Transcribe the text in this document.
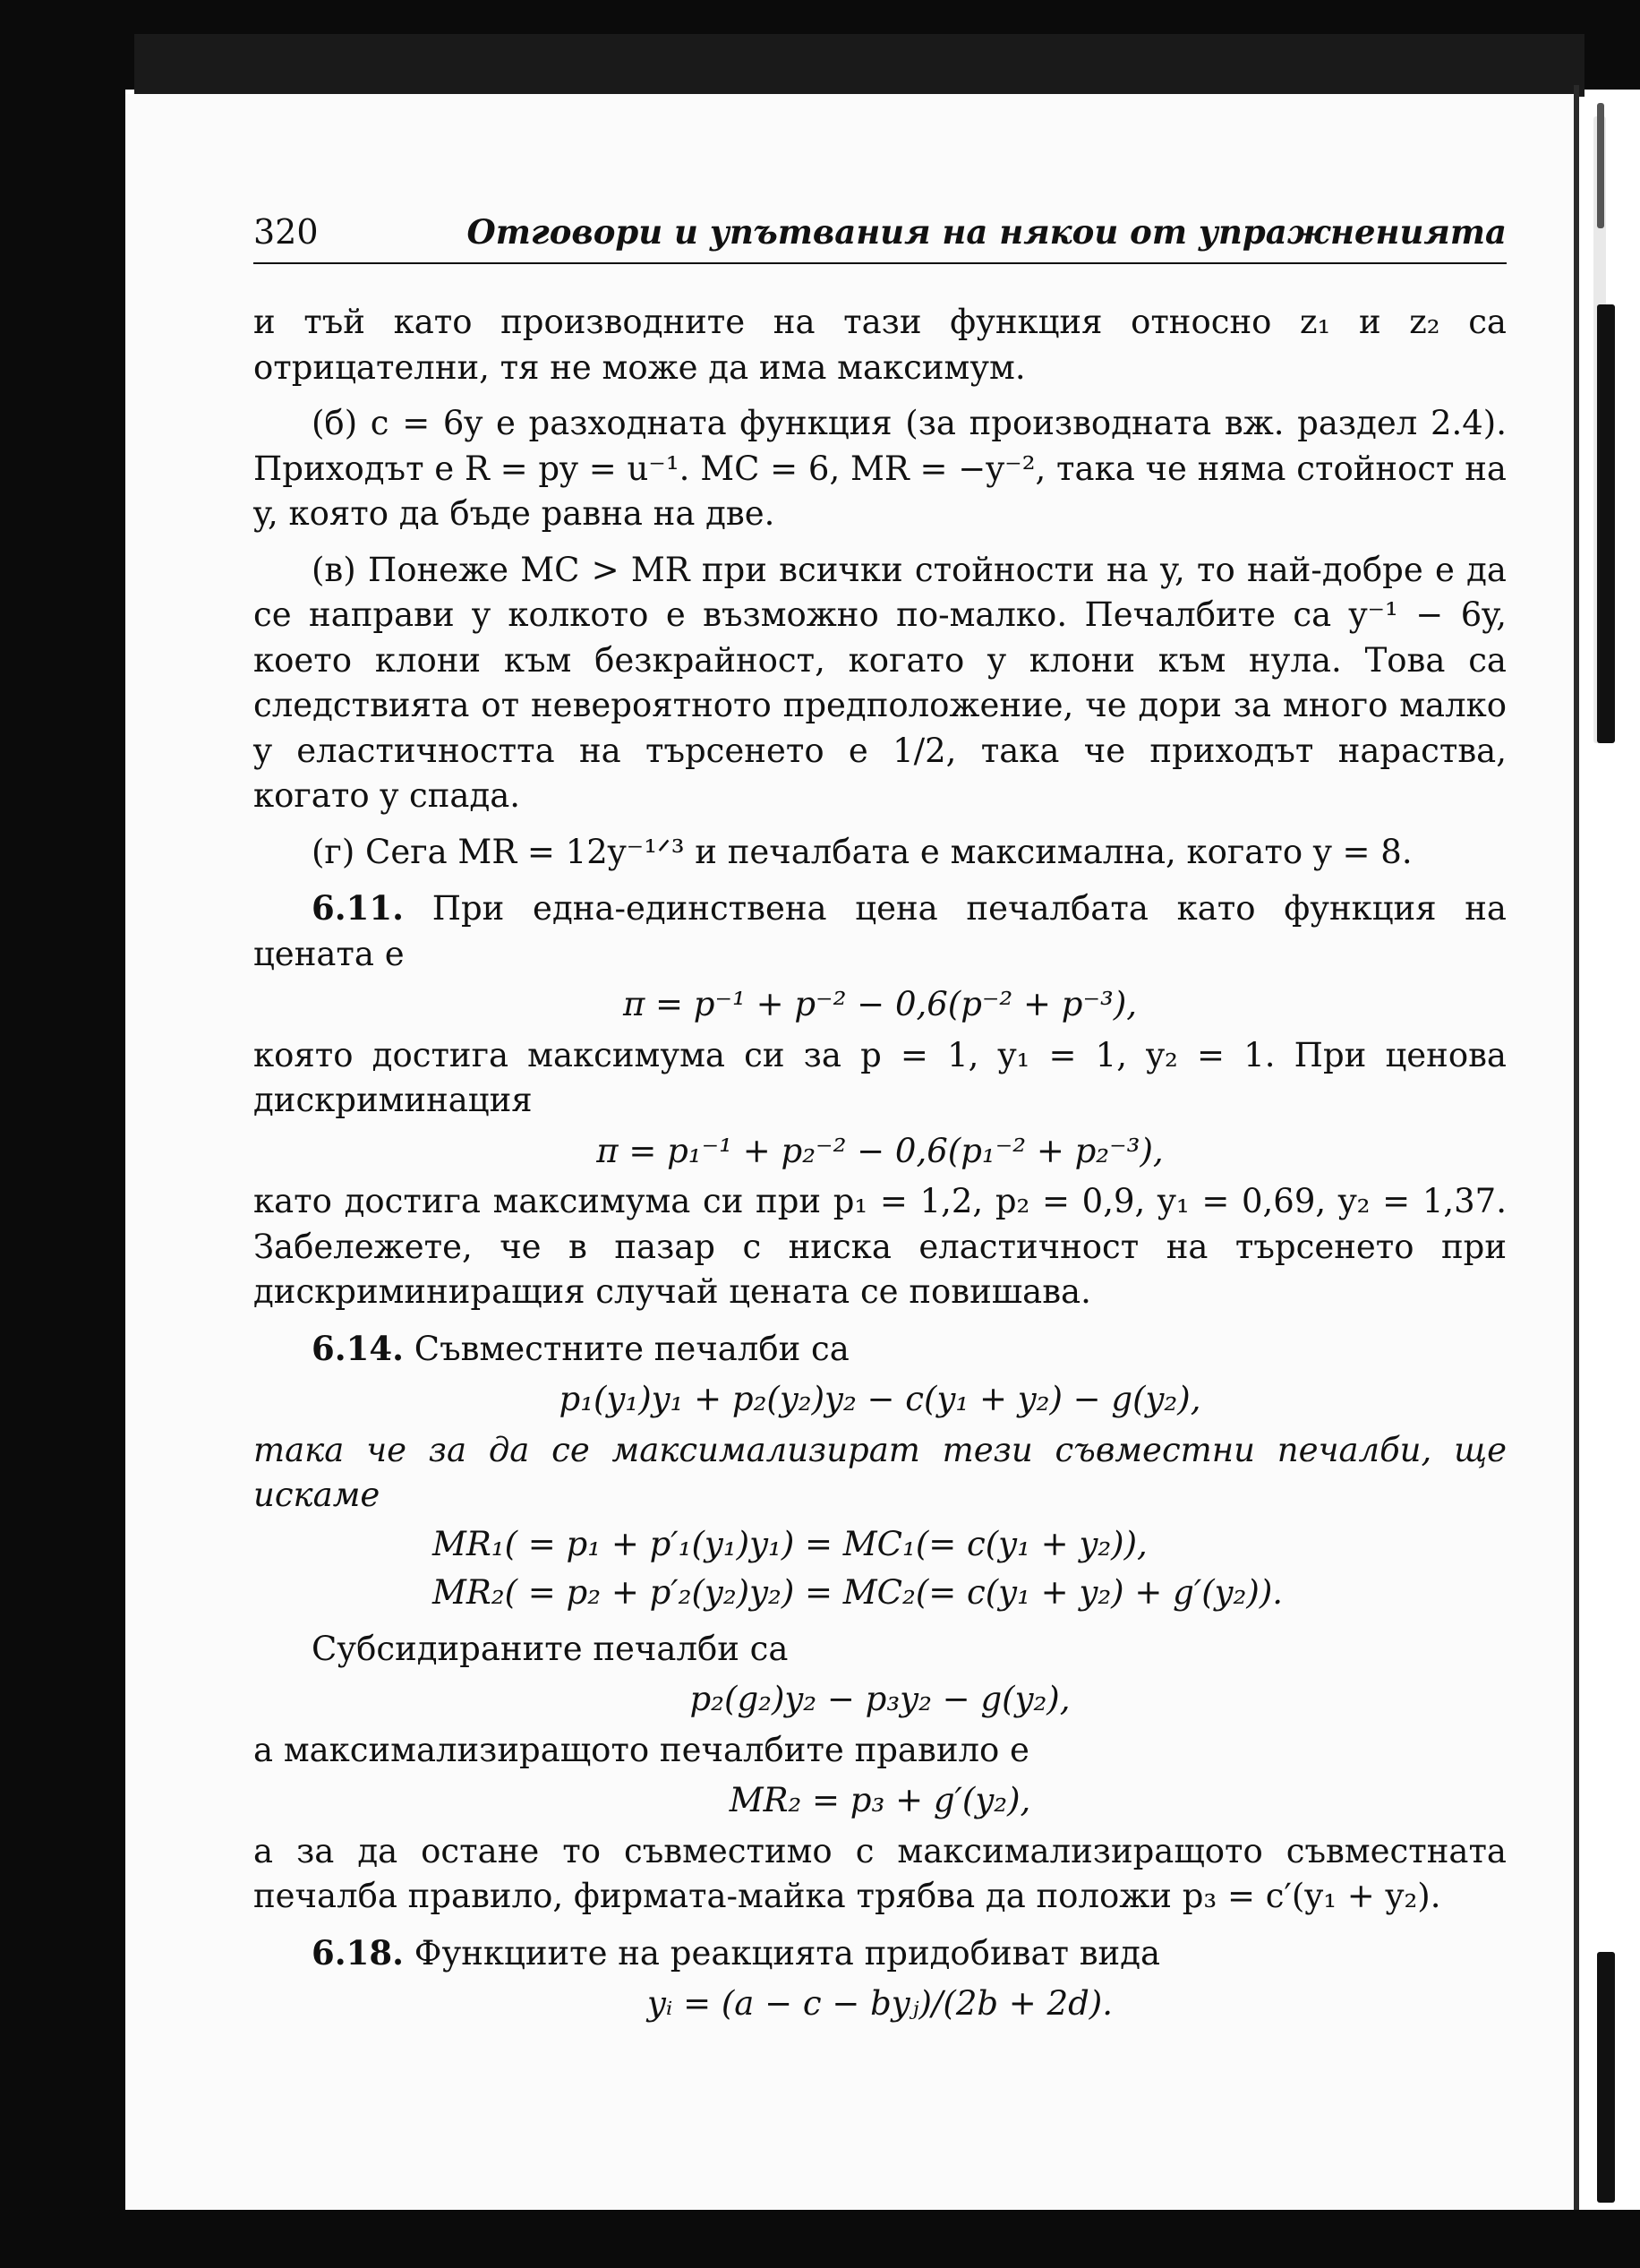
320	Отговори и упътвания на някои от упражненията

и тъй като производните на тази функция относно z₁ и z₂ са отрицателни, тя не може да има максимум.

(б) c = 6y е разходната функция (за производната вж. раздел 2.4). Приходът е R = py = u⁻¹. MC = 6, MR = −y⁻², така че няма стойност на y, която да бъде равна на две.

(в) Понеже MC > MR при всички стойности на y, то най-добре е да се направи y колкото е възможно по-малко. Печалбите са y⁻¹ − 6y, което клони към безкрайност, когато y клони към нула. Това са следствията от невероятното предположение, че дори за много малко y еластичността на търсенето е 1/2, така че приходът нараства, когато y спада.

(г) Сега MR = 12y⁻¹ᐟ³ и печалбата е максимална, когато y = 8.

6.11. При една-единствена цена печалбата като функция на цената е

π = p⁻¹ + p⁻² − 0,6(p⁻² + p⁻³),

която достига максимума си за p = 1, y₁ = 1, y₂ = 1. При ценова дискриминация

π = p₁⁻¹ + p₂⁻² − 0,6(p₁⁻² + p₂⁻³),

като достига максимума си при p₁ = 1,2, p₂ = 0,9, y₁ = 0,69, y₂ = 1,37. Забележете, че в пазар с ниска еластичност на търсенето при дискриминиращия случай цената се повишава.

6.14. Съвместните печалби са

p₁(y₁)y₁ + p₂(y₂)y₂ − c(y₁ + y₂) − g(y₂),

така че за да се максимализират тези съвместни печалби, ще искаме

MR₁( = p₁ + p′₁(y₁)y₁) = MC₁(= c(y₁ + y₂)),
MR₂( = p₂ + p′₂(y₂)y₂) = MC₂(= c(y₁ + y₂) + g′(y₂)).

Субсидираните печалби са

p₂(g₂)y₂ − p₃y₂ − g(y₂),

а максимализиращото печалбите правило е

MR₂ = p₃ + g′(y₂),

а за да остане то съвместимо с максимализиращото съвместната печалба правило, фирмата-майка трябва да положи p₃ = c′(y₁ + y₂).

6.18. Функциите на реакцията придобиват вида

yᵢ = (a − c − byⱼ)/(2b + 2d).
